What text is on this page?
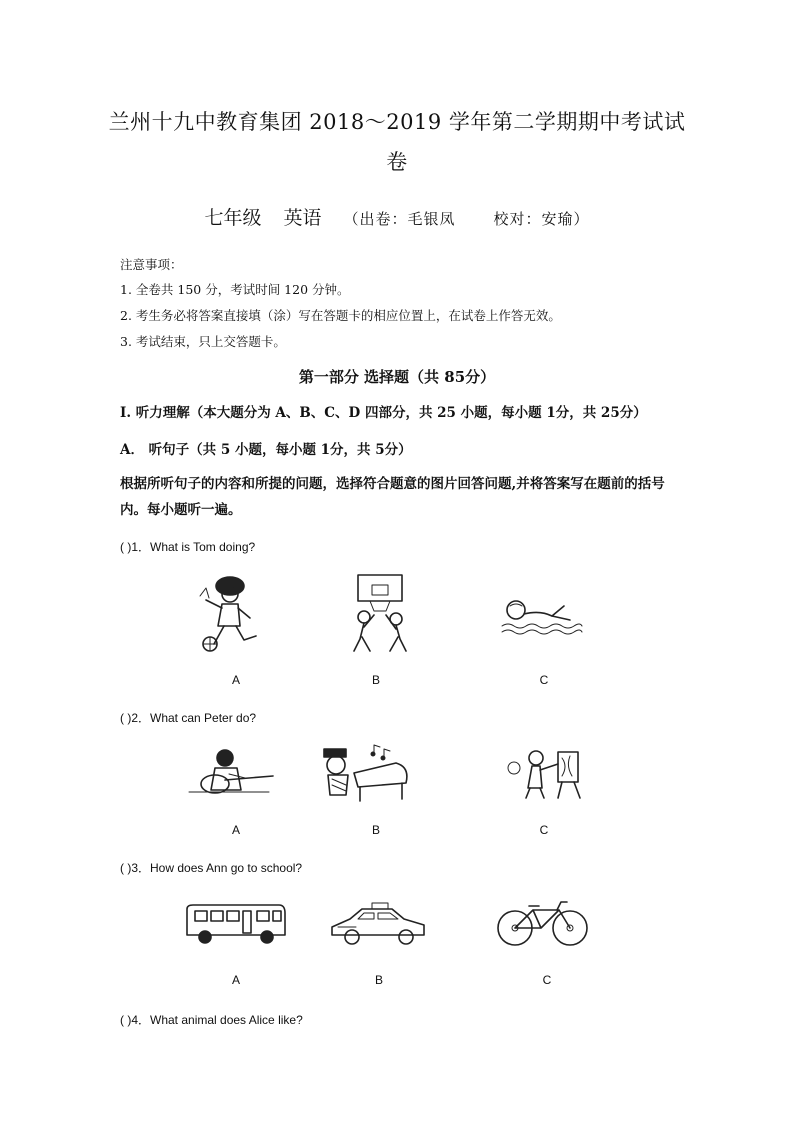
兰州十九中教育集团 2018～2019 学年第二学期期中考试试
卷
七年级 英语 （出卷：毛银凤	校对：安瑜）
注意事项：
1. 全卷共 150 分，考试时间 120 分钟。
2. 考生务必将答案直接填（涂）写在答题卡的相应位置上，在试卷上作答无效。
3. 考试结束，只上交答题卡。
第一部分 选择题（共 85分）
I. 听力理解（本大题分为 A、B、C、D 四部分，共 25 小题，每小题 1分，共 25分）
A． 听句子（共 5 小题，每小题 1分，共 5分）
根据所听句子的内容和所提的问题，选择符合题意的图片回答问题,并将答案写在题前的括号内。每小题听一遍。
( )1．What is Tom doing?
A	B	C
( )2．What can Peter do?
A	B	C
( )3．How does Ann go to school?
A	B	C
( )4．What animal does Alice like?
